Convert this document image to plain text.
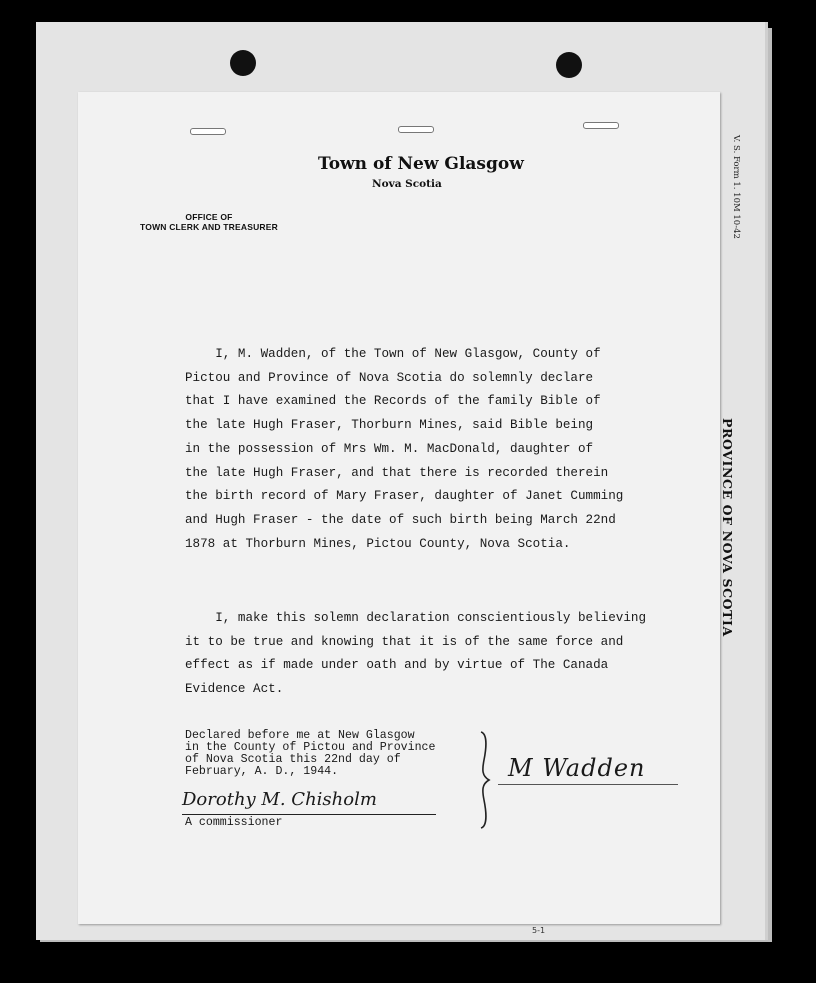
V. S. Form 1. 10M 10-42
PROVINCE OF NOVA SCOTIA
Town of New Glasgow
Nova Scotia
OFFICE OF
TOWN CLERK AND TREASURER
I, M. Wadden, of the Town of New Glasgow, County of
Pictou and Province of Nova Scotia do solemnly declare
that I have examined the Records of the family Bible of
the late Hugh Fraser, Thorburn Mines, said Bible being
in the possession of Mrs Wm. M. MacDonald, daughter of
the late Hugh Fraser, and that there is recorded therein
the birth record of Mary Fraser, daughter of Janet Cumming
and Hugh Fraser - the date of such birth being March 22nd
1878 at Thorburn Mines, Pictou County, Nova Scotia.
I, make this solemn declaration conscientiously believing
it to be true and knowing that it is of the same force and
effect as if made under oath and by virtue of The Canada
Evidence Act.
Declared before me at New Glasgow
in the County of Pictou and Province
of Nova Scotia this 22nd day of
February, A. D., 1944.
Dorothy M. Chisholm
A commissioner
M Wadden
5-1
